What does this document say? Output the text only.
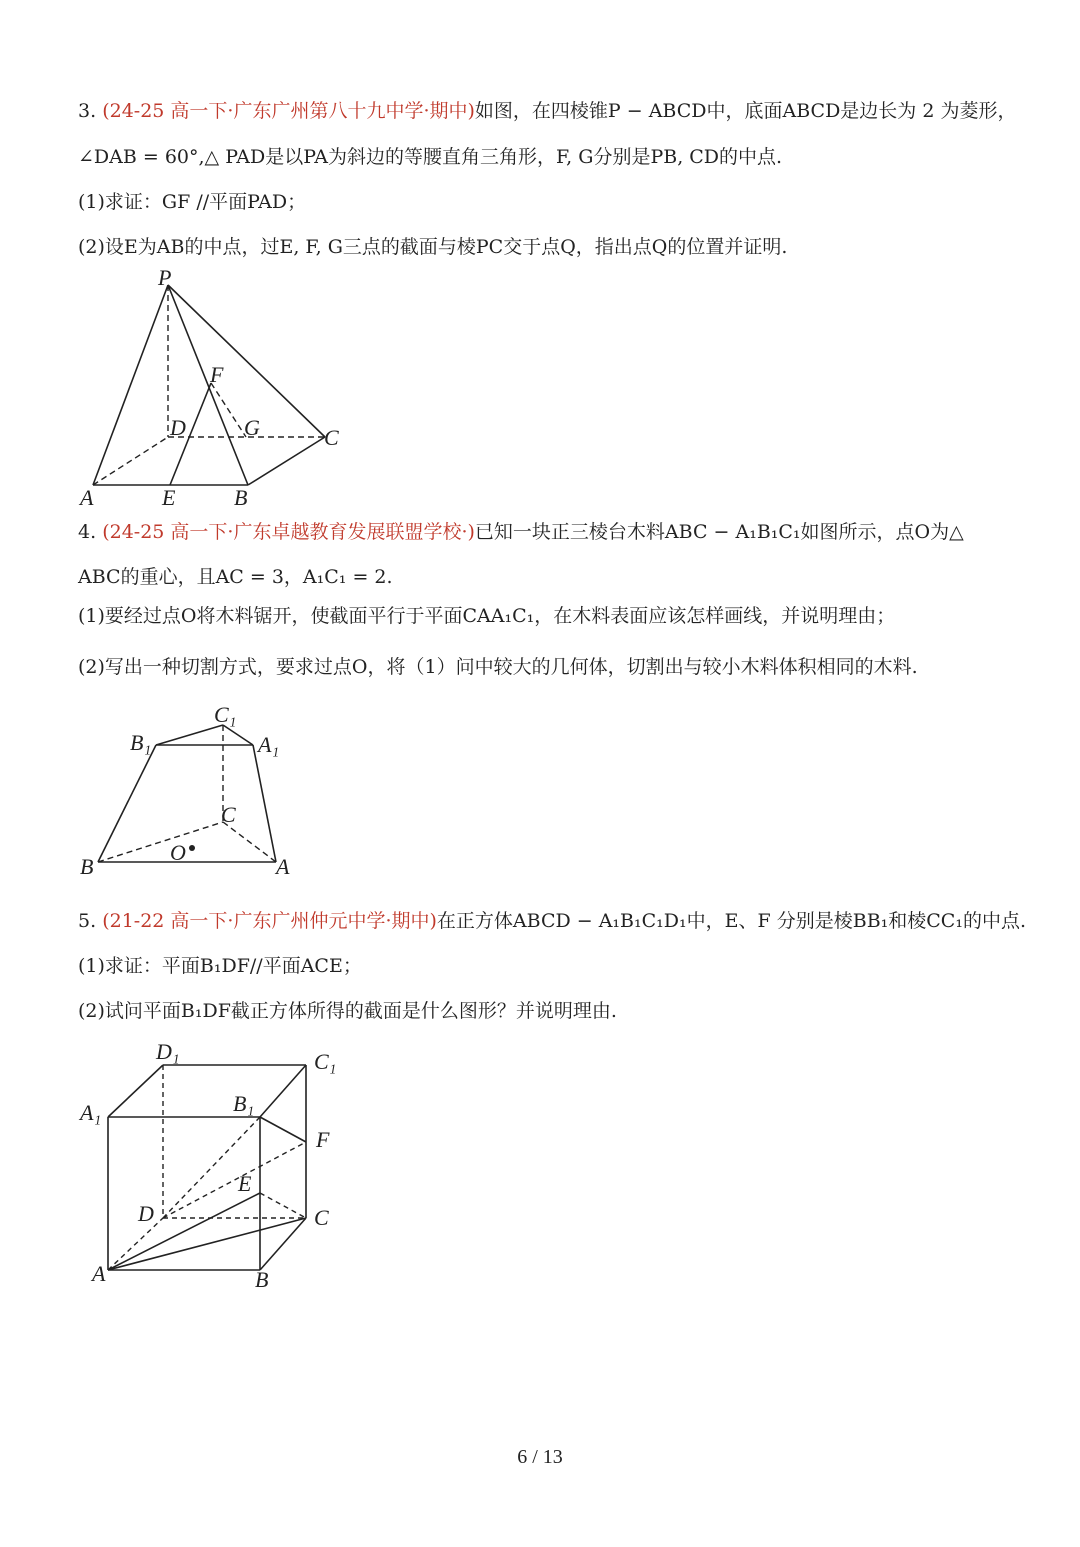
3. (24-25 高一下·广东广州第八十九中学·期中)如图，在四棱锥P − ABCD中，底面ABCD是边长为 2 为菱形，
∠DAB = 60°,△ PAD是以PA为斜边的等腰直角三角形，F, G分别是PB, CD的中点.
(1)求证：GF //平面PAD；
(2)设E为AB的中点，过E, F, G三点的截面与棱PC交于点Q，指出点Q的位置并证明.
P
F
D	G	C
A	E	B
4. (24-25 高一下·广东卓越教育发展联盟学校·)已知一块正三棱台木料ABC − A₁B₁C₁如图所示，点O为△
ABC的重心，且AC = 3，A₁C₁ = 2.
(1)要经过点O将木料锯开，使截面平行于平面CAA₁C₁，在木料表面应该怎样画线，并说明理由；
(2)写出一种切割方式，要求过点O，将（1）问中较大的几何体，切割出与较小木料体积相同的木料.
C₁
B₁	A₁
C
O
B	A
5. (21-22 高一下·广东广州仲元中学·期中)在正方体ABCD − A₁B₁C₁D₁中，E、F 分别是棱BB₁和棱CC₁的中点.
(1)求证：平面B₁DF//平面ACE；
(2)试问平面B₁DF截正方体所得的截面是什么图形？并说明理由.
D₁	C₁
A₁	B₁
F
E
D	C
A	B
6 / 13
